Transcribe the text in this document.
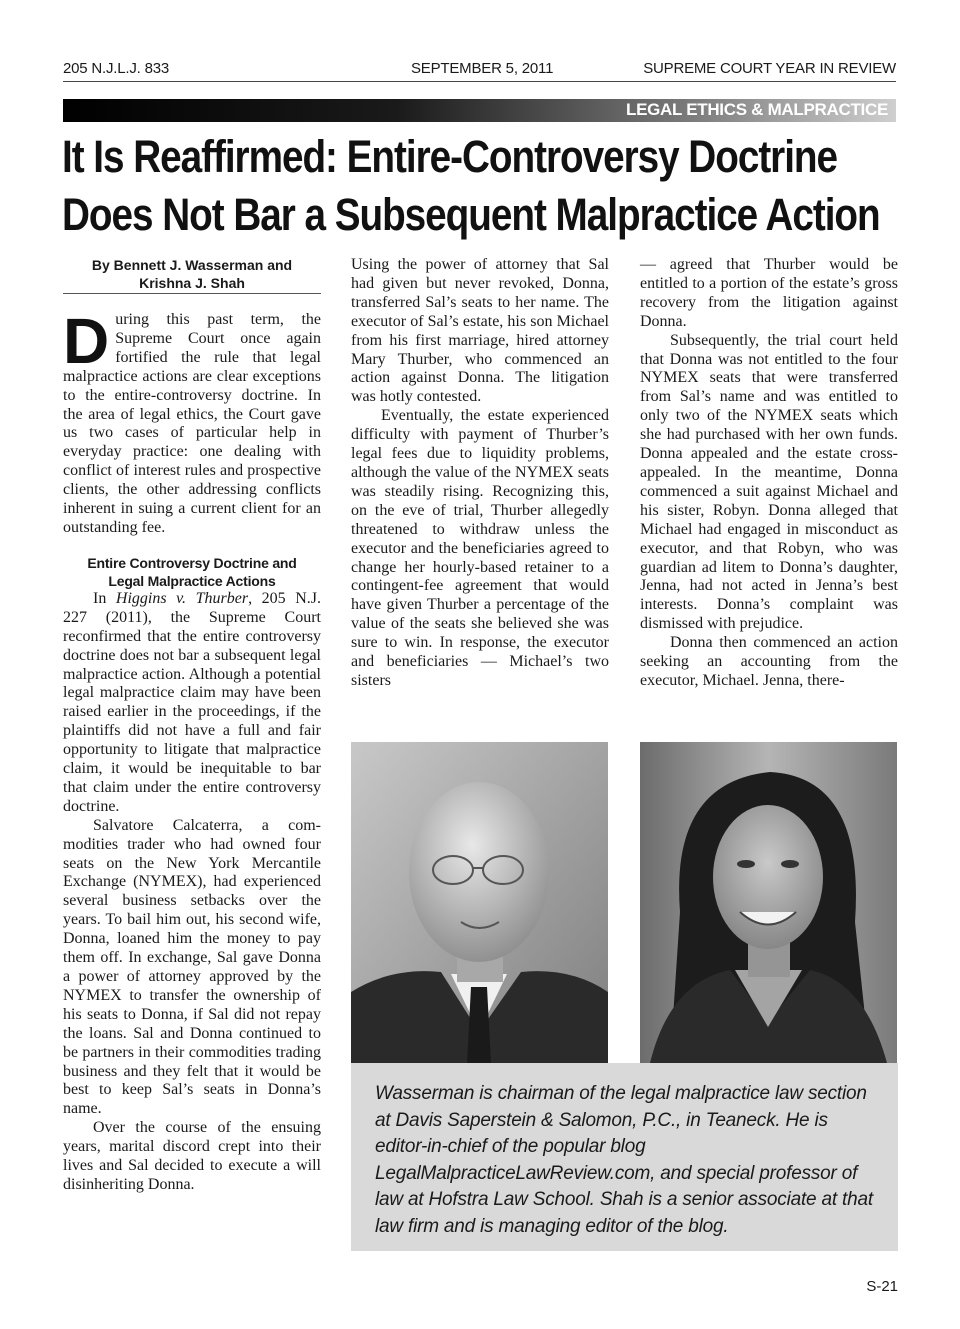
205 N.J.L.J. 833	SEPTEMBER 5, 2011	SUPREME COURT YEAR IN REVIEW
LEGAL ETHICS & MALPRACTICE
It Is Reaffirmed: Entire-Controversy Doctrine
Does Not Bar a Subsequent Malpractice Action
By Bennett J. Wasserman and
Krishna J. Shah

During this past term, the Supreme Court once again fortified the rule that legal malpractice actions are clear exceptions to the entire-controversy doctrine. In the area of legal ethics, the Court gave us two cases of particular help in everyday practice: one dealing with conflict of interest rules and prospective clients, the other addressing conflicts inherent in suing a current client for an outstanding fee.

Entire Controversy Doctrine and
Legal Malpractice Actions

In Higgins v. Thurber, 205 N.J. 227 (2011), the Supreme Court reconfirmed that the entire controversy doctrine does not bar a subsequent legal malpractice action. Although a potential legal malpractice claim may have been raised earlier in the proceedings, if the plaintiffs did not have a full and fair opportunity to litigate that malpractice claim, it would be inequitable to bar that claim under the entire controversy doctrine.

Salvatore Calcaterra, a commodities trader who had owned four seats on the New York Mercantile Exchange (NYMEX), had experienced several business setbacks over the years. To bail him out, his second wife, Donna, loaned him the money to pay them off. In exchange, Sal gave Donna a power of attorney approved by the NYMEX to transfer the ownership of his seats to Donna, if Sal did not repay the loans. Sal and Donna continued to be partners in their commodities trading business and they felt that it would be best to keep Sal’s seats in Donna’s name.

Over the course of the ensuing years, marital discord crept into their lives and Sal decided to execute a will disinheriting Donna.

Using the power of attorney that Sal had given but never revoked, Donna, transferred Sal’s seats to her name. The executor of Sal’s estate, his son Michael from his first marriage, hired attorney Mary Thurber, who commenced an action against Donna. The litigation was hotly contested.

Eventually, the estate experienced difficulty with payment of Thurber’s legal fees due to liquidity problems, although the value of the NYMEX seats was steadily rising. Recognizing this, on the eve of trial, Thurber allegedly threatened to withdraw unless the executor and the beneficiaries agreed to change her hourly-based retainer to a contingent-fee agreement that would have given Thurber a percentage of the value of the seats she believed she was sure to win. In response, the executor and beneficiaries — Michael’s two sisters

— agreed that Thurber would be entitled to a portion of the estate’s gross recovery from the litigation against Donna.

Subsequently, the trial court held that Donna was not entitled to the four NYMEX seats that were transferred from Sal’s name and was entitled to only two of the NYMEX seats which she had purchased with her own funds. Donna appealed and the estate cross-appealed. In the meantime, Donna commenced a suit against Michael and his sister, Robyn. Donna alleged that Michael had engaged in misconduct as executor, and that Robyn, who was guardian ad litem to Donna’s daughter, Jenna, had not acted in Jenna’s best interests. Donna’s complaint was dismissed with prejudice.

Donna then commenced an action seeking an accounting from the executor, Michael. Jenna, there-

Wasserman is chairman of the legal malpractice law section at Davis Saperstein & Salomon, P.C., in Teaneck. He is editor-in-chief of the popular blog LegalMalpracticeLawReview.com, and special professor of law at Hofstra Law School. Shah is a senior associate at that law firm and is managing editor of the blog.

S-21
